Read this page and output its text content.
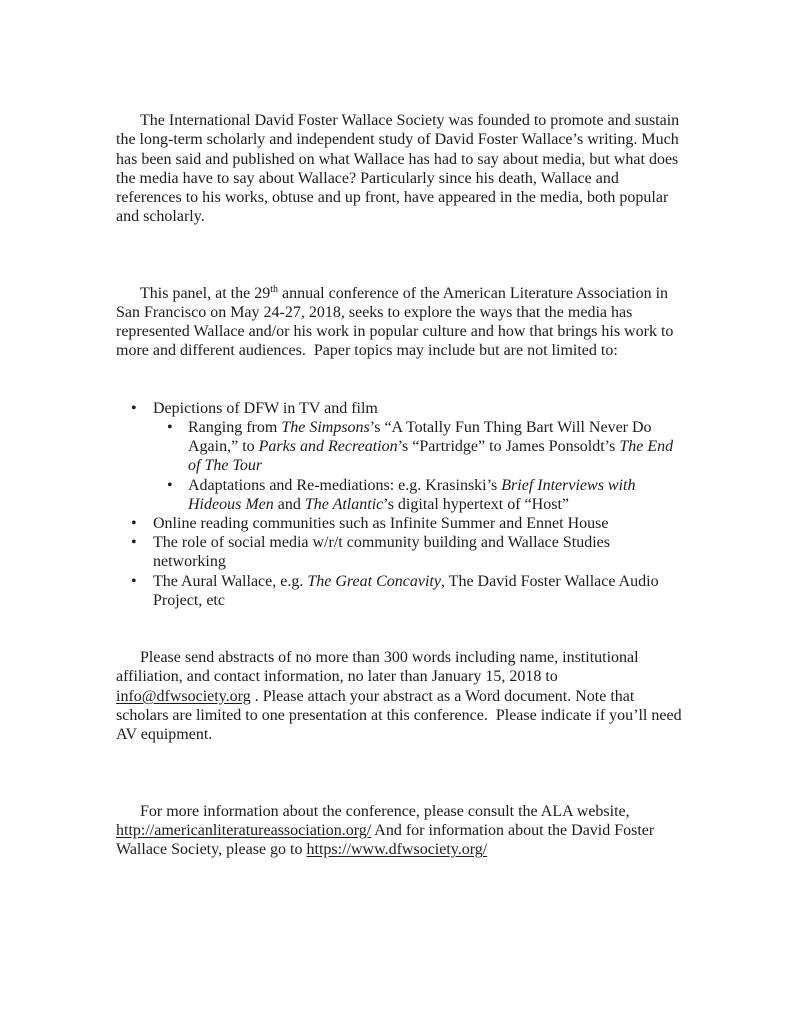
The International David Foster Wallace Society was founded to promote and sustain the long-term scholarly and independent study of David Foster Wallace’s writing. Much has been said and published on what Wallace has had to say about media, but what does the media have to say about Wallace? Particularly since his death, Wallace and references to his works, obtuse and up front, have appeared in the media, both popular and scholarly.

This panel, at the 29th annual conference of the American Literature Association in San Francisco on May 24-27, 2018, seeks to explore the ways that the media has represented Wallace and/or his work in popular culture and how that brings his work to more and different audiences.  Paper topics may include but are not limited to:

•	Depictions of DFW in TV and film
• Ranging from The Simpsons’s “A Totally Fun Thing Bart Will Never Do Again,” to Parks and Recreation’s “Partridge” to James Ponsoldt’s The End of The Tour
• Adaptations and Re-mediations: e.g. Krasinski’s Brief Interviews with Hideous Men and The Atlantic’s digital hypertext of “Host”
•	Online reading communities such as Infinite Summer and Ennet House
•	The role of social media w/r/t community building and Wallace Studies networking
•	The Aural Wallace, e.g. The Great Concavity, The David Foster Wallace Audio Project, etc

Please send abstracts of no more than 300 words including name, institutional affiliation, and contact information, no later than January 15, 2018 to info@dfwsociety.org . Please attach your abstract as a Word document. Note that scholars are limited to one presentation at this conference.  Please indicate if you’ll need AV equipment.

For more information about the conference, please consult the ALA website, http://americanliteratureassociation.org/ And for information about the David Foster Wallace Society, please go to https://www.dfwsociety.org/
